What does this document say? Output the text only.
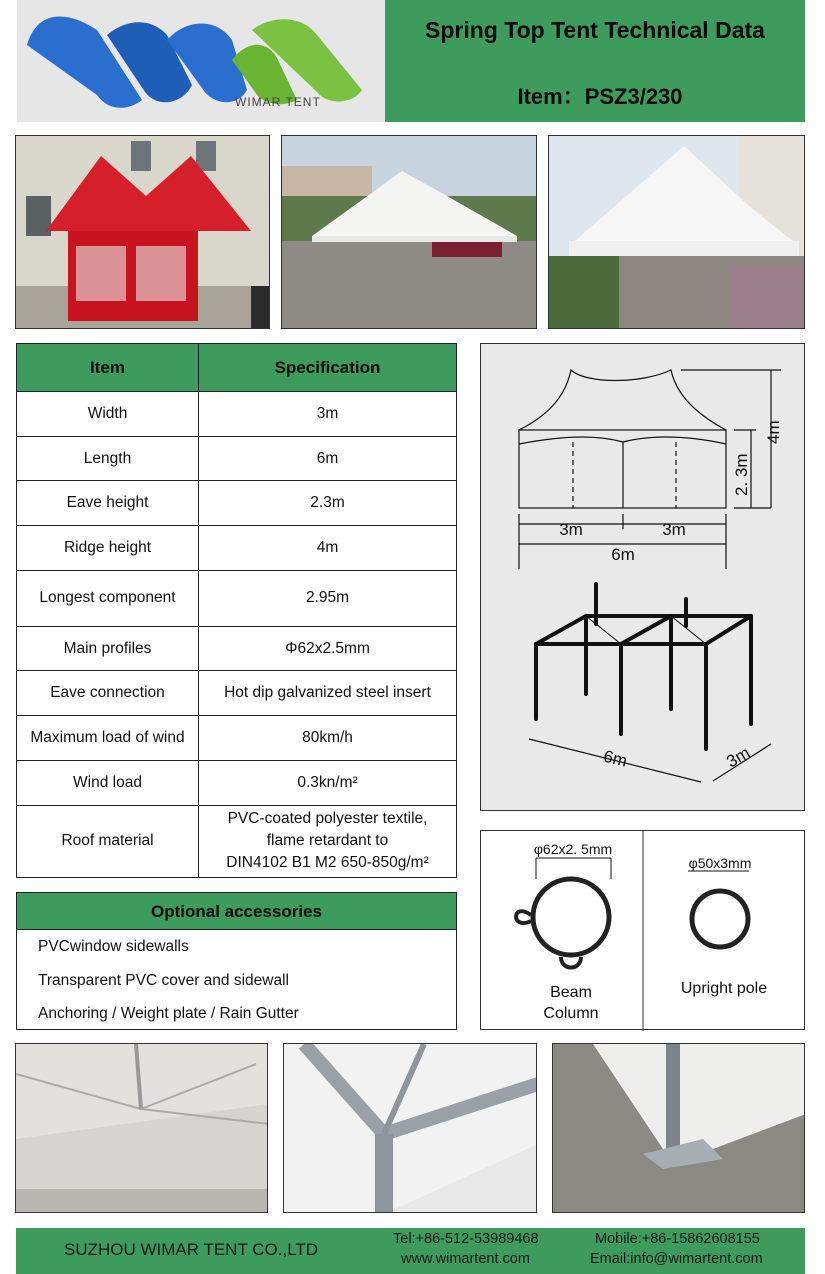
WIMAR TENT
Spring Top Tent Technical Data
Item：PSZ3/230
Item	Specification
Width	3m
Length	6m
Eave height	2.3m
Ridge height	4m
Longest component	2.95m
Main profiles	Φ62x2.5mm
Eave connection	Hot dip galvanized steel insert
Maximum load of wind	80km/h
Wind load	0.3kn/m²
Roof material	PVC-coated polyester textile,
flame retardant to
DIN4102 B1 M2 650-850g/m²
Optional accessories
PVCwindow sidewalls
Transparent PVC cover and sidewall
Anchoring / Weight plate / Rain Gutter
2. 3m
4m
3m	3m
6m
6m	3m
φ62x2. 5mm
Beam
Column
φ50x3mm
Upright pole
SUZHOU WIMAR TENT CO.,LTD
Tel:+86-512-53989468
www.wimartent.com
Mobile:+86-15862608155
Email:info@wimartent.com
